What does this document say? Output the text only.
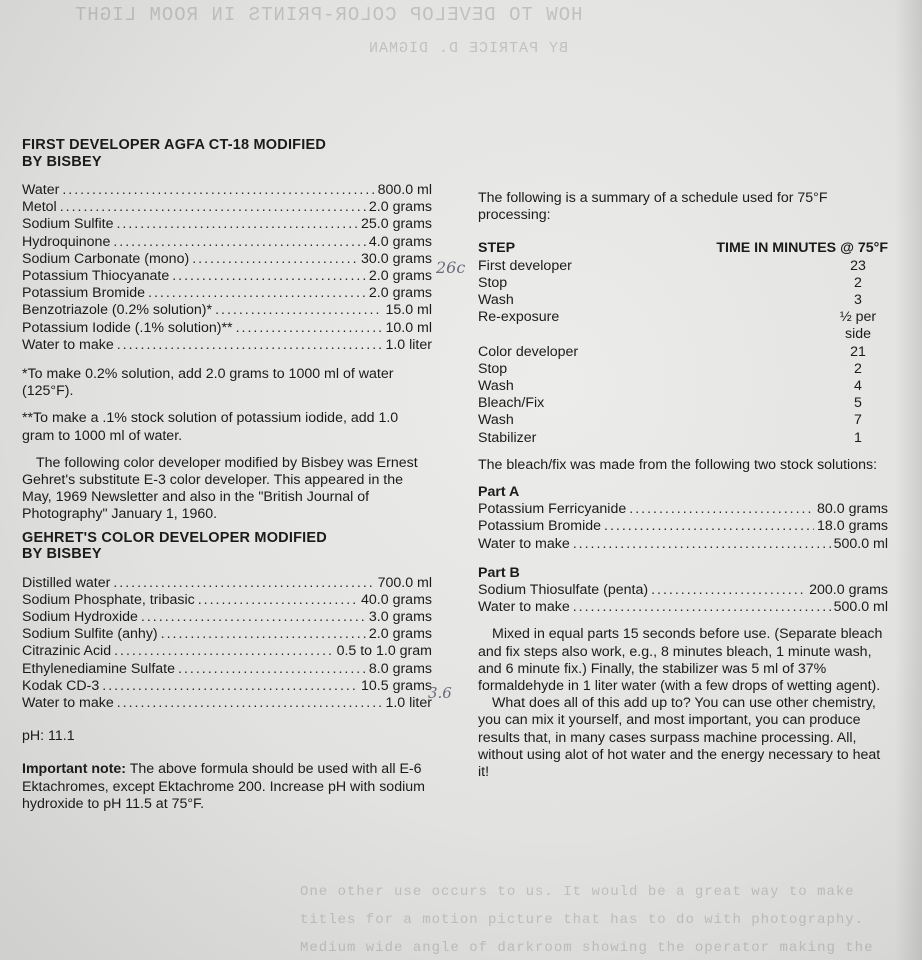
HOW TO DEVELOP COLOR-PRINTS IN ROOM LIGHT
BY PATRICE D. DIGMAN
One other use occurs to us. It would be a great way to make
titles for a motion picture that has to do with photography.
Medium wide angle of darkroom showing the operator making the
FIRST DEVELOPER AGFA CT-18 MODIFIED
BY BISBEY
Water .....	800.0 ml
Metol .....	2.0 grams
Sodium Sulfite .....	25.0 grams
Hydroquinone .....	4.0 grams
Sodium Carbonate (mono) .....	30.0 grams
Potassium Thiocyanate .....	2.0 grams
Potassium Bromide .....	2.0 grams
Benzotriazole (0.2% solution)* .....	15.0 ml
Potassium Iodide (.1% solution)** .....	10.0 ml
Water to make .....	1.0 liter

*To make 0.2% solution, add 2.0 grams to 1000 ml of water (125°F).

**To make a .1% stock solution of potassium iodide, add 1.0 gram to 1000 ml of water.

The following color developer modified by Bisbey was Ernest Gehret's substitute E-3 color developer. This appeared in the May, 1969 Newsletter and also in the "British Journal of Photography" January 1, 1960.

GEHRET'S COLOR DEVELOPER MODIFIED
BY BISBEY
Distilled water .....	700.0 ml
Sodium Phosphate, tribasic .....	40.0 grams
Sodium Hydroxide .....	3.0 grams
Sodium Sulfite (anhy) .....	2.0 grams
Citrazinic Acid .....	0.5 to 1.0 gram
Ethylenediamine Sulfate .....	8.0 grams
Kodak CD-3 .....	10.5 grams
Water to make .....	1.0 liter

pH: 11.1

Important note: The above formula should be used with all E-6 Ektachromes, except Ektachrome 200. Increase pH with sodium hydroxide to pH 11.5 at 75°F.

The following is a summary of a schedule used for 75°F processing:

STEP	TIME IN MINUTES @ 75°F
First developer	23
Stop	2
Wash	3
Re-exposure	½ per side
Color developer	21
Stop	2
Wash	4
Bleach/Fix	5
Wash	7
Stabilizer	1

The bleach/fix was made from the following two stock solutions:

Part A
Potassium Ferricyanide .....	80.0 grams
Potassium Bromide .....	18.0 grams
Water to make .....	500.0 ml
Part B
Sodium Thiosulfate (penta) .....	200.0 grams
Water to make .....	500.0 ml

Mixed in equal parts 15 seconds before use. (Separate bleach and fix steps also work, e.g., 8 minutes bleach, 1 minute wash, and 6 minute fix.) Finally, the stabilizer was 5 ml of 37% formaldehyde in 1 liter water (with a few drops of wetting agent).

What does all of this add up to? You can use other chemistry, you can mix it yourself, and most important, you can produce results that, in many cases surpass machine processing. All, without using alot of hot water and the energy necessary to heat it!

26c
3.6
